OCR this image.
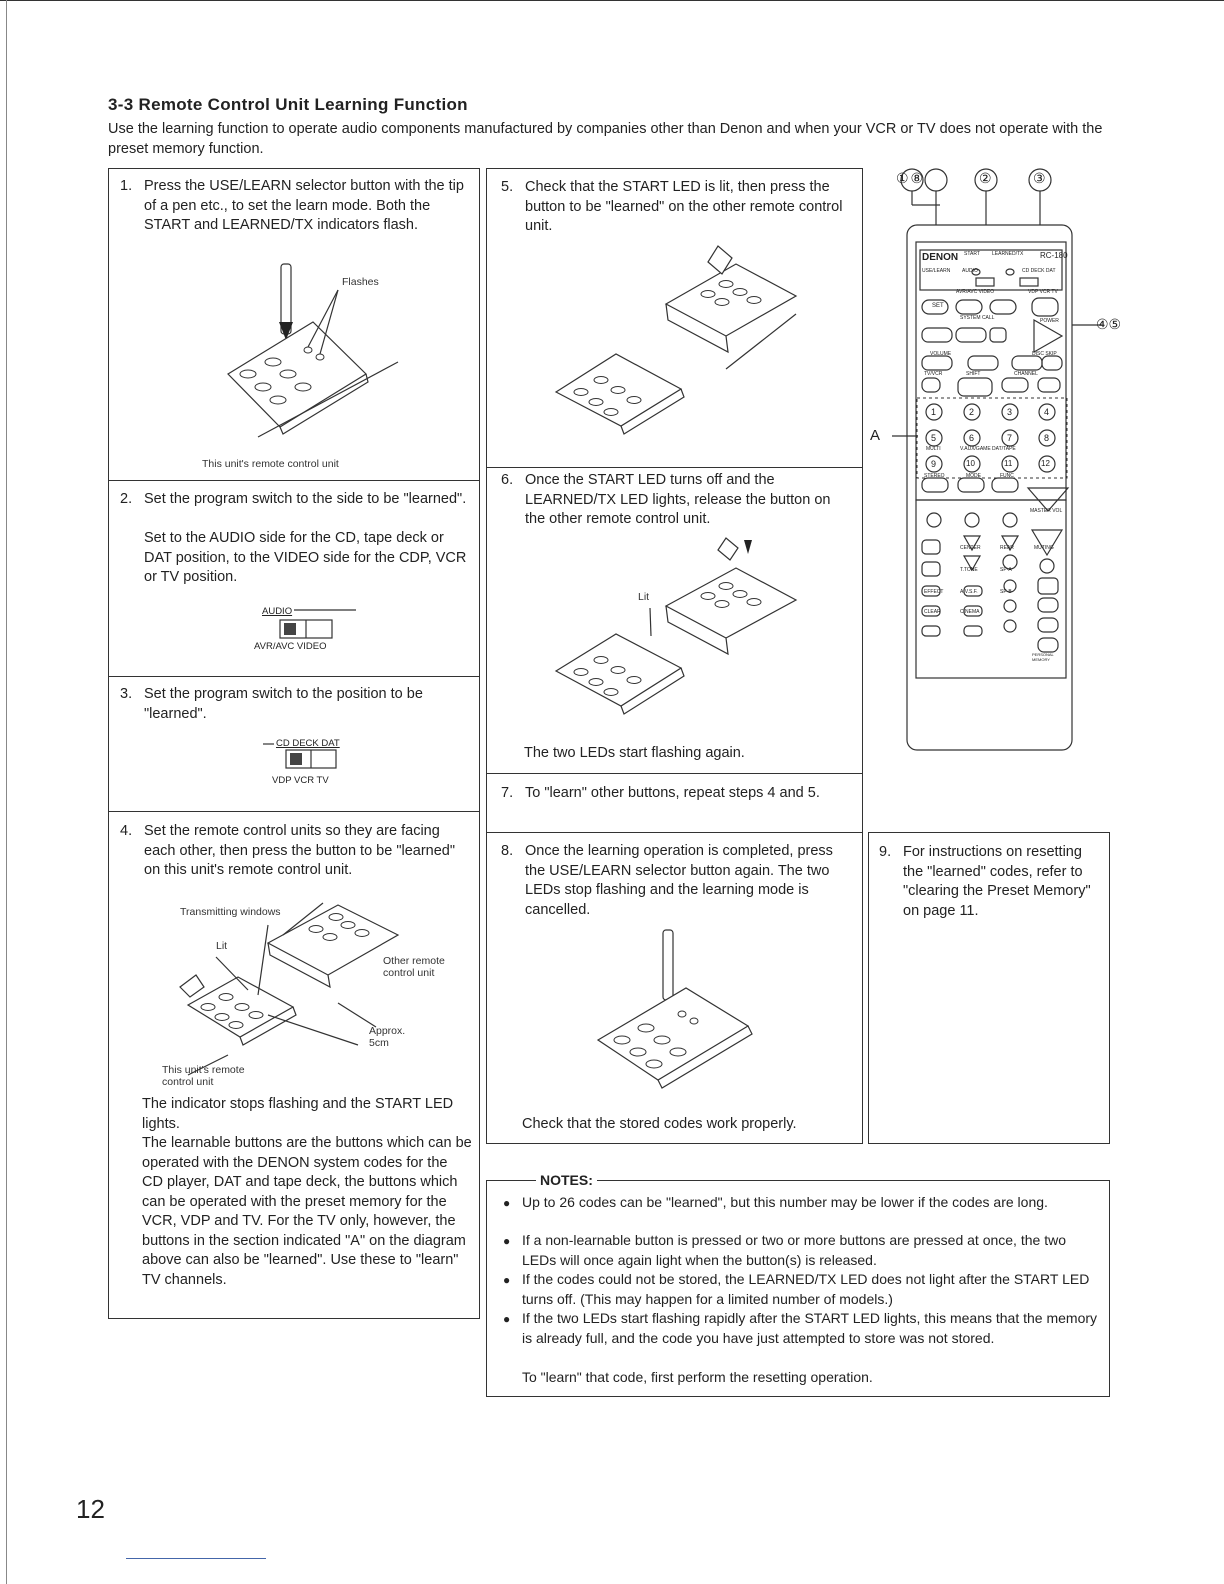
3-3 Remote Control Unit Learning Function
Use the learning function to operate audio components manufactured by companies other than Denon and when your VCR or TV does not operate with the preset memory function.
1. Press the USE/LEARN selector button with the tip of a pen etc., to set the learn mode. Both the START and LEARNED/TX indicators flash.
Flashes
This unit's remote control unit
2. Set the program switch to the side to be "learned".
Set to the AUDIO side for the CD, tape deck or DAT position, to the VIDEO side for the CDP, VCR or TV position.
AUDIO
AVR/AVC VIDEO
3. Set the program switch to the position to be "learned".
CD DECK DAT
VDP VCR TV
4. Set the remote control units so they are facing each other, then press the button to be "learned" on this unit's remote control unit.
Transmitting windows
Lit
Other remote control unit
Approx. 5cm
This unit's remote control unit
The indicator stops flashing and the START LED lights.
The learnable buttons are the buttons which can be operated with the DENON system codes for the CD player, DAT and tape deck, the buttons which can be operated with the preset memory for the VCR, VDP and TV. For the TV only, however, the buttons in the section indicated "A" on the diagram above can also be "learned". Use these to "learn" TV channels.
5. Check that the START LED is lit, then press the button to be "learned" on the other remote control unit.
6. Once the START LED turns off and the LEARNED/TX LED lights, release the button on the other remote control unit.
Lit
The two LEDs start flashing again.
7. To "learn" other buttons, repeat steps 4 and 5.
8. Once the learning operation is completed, press the USE/LEARN selector button again. The two LEDs stop flashing and the learning mode is cancelled.
Check that the stored codes work properly.
9. For instructions on resetting the "learned" codes, refer to "clearing the Preset Memory" on page 11.
①⑧	②	③
④⑤
A
DENON	RC-180
START LEARNED/TX
USE/LEARN AUDIO	CD DECK DAT
AVR/AVC VIDEO	VDP VCR TV
SET
SYSTEM CALL	POWER
VOLUME	DISC SKIP
TV/VCR	SHIFT	CHANNEL
1	2	3	4
5	6	7	8
9	10	11	12
MULTI	V.AUX/GAME DAT/TAPE
STEREO	MODE	FUNC
MASTER VOL
CENTER	REAR	MUTING
T.TONE	SP-A
A.V.S.F.	SP-B
EFFECT
CLEAR	CINEMA
PERSONAL MEMORY
NOTES:
● Up to 26 codes can be "learned", but this number may be lower if the codes are long.
● If a non-learnable button is pressed or two or more buttons are pressed at once, the two LEDs will once again light when the button(s) is released.
● If the codes could not be stored, the LEARNED/TX LED does not light after the START LED turns off. (This may happen for a limited number of models.)
● If the two LEDs start flashing rapidly after the START LED lights, this means that the memory is already full, and the code you have just attempted to store was not stored.
To "learn" that code, first perform the resetting operation.
12
